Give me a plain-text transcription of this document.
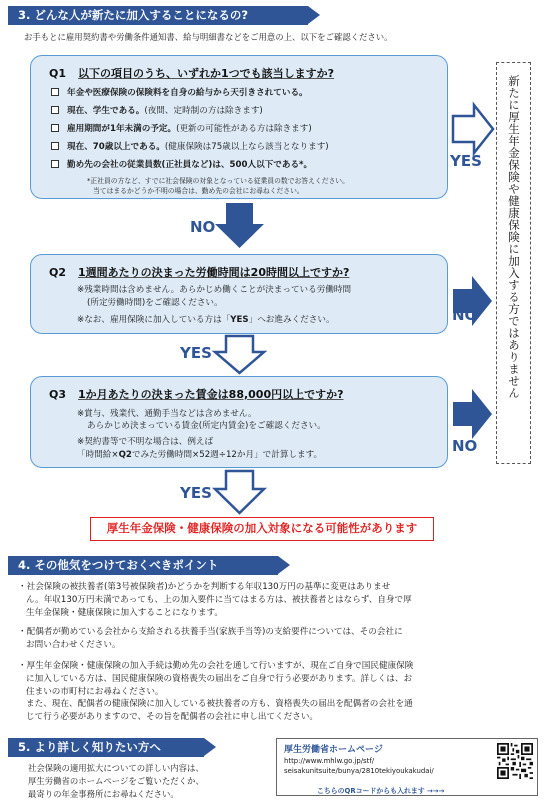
3. どんな人が新たに加入することになるの?
お手もとに雇用契約書や労働条件通知書、給与明細書などをご用意の上、以下をご確認ください。
Q1 以下の項目のうち、いずれか1つでも該当しますか?
年金や医療保険の保険料を自身の給与から天引きされている。
現在、学生である。(夜間、定時制の方は除きます)
雇用期間が1年未満の予定。(更新の可能性がある方は除きます)
現在、70歳以上である。(健康保険は75歳以上なら該当となります)
勤め先の会社の従業員数(正社員など)は、500人以下である*。
*正社員の方など、すでに社会保険の対象となっている従業員の数でお答えください。
当てはまるかどうか不明の場合は、勤め先の会社にお尋ねください。
Q2 1週間あたりの決まった労働時間は20時間以上ですか?
※残業時間は含めません。あらかじめ働くことが決まっている労働時間
(所定労働時間)をご確認ください。
※なお、雇用保険に加入している方は「YES」へお進みください。
Q3 1か月あたりの決まった賃金は88,000円以上ですか?
※賞与、残業代、通勤手当などは含めません。
あらかじめ決まっている賃金(所定内賃金)をご確認ください。
※契約書等で不明な場合は、例えば
「時間給×Q2でみた労働時間×52週÷12か月」で計算します。
YES
NO
NO
YES
NO
YES
新たに厚生年金保険や健康保険に加入する方ではありません
厚生年金保険・健康保険の加入対象になる可能性があります
4. その他気をつけておくべきポイント
・社会保険の被扶養者(第3号被保険者)かどうかを判断する年収130万円の基準に変更はありませ
ん。年収130万円未満であっても、上の加入要件に当てはまる方は、被扶養者とはならず、自身で厚
生年金保険・健康保険に加入することになります。
・配偶者が勤めている会社から支給される扶養手当(家族手当等)の支給要件については、その会社に
お問い合わせください。
・厚生年金保険・健康保険の加入手続は勤め先の会社を通して行いますが、現在ご自身で国民健康保険
に加入している方は、国民健康保険の資格喪失の届出をご自身で行う必要があります。詳しくは、お
住まいの市町村にお尋ねください。
また、現在、配偶者の健康保険に加入している被扶養者の方も、資格喪失の届出を配偶者の会社を通
じて行う必要がありますので、その旨を配偶者の会社に申し出てください。
5. より詳しく知りたい方へ
社会保険の適用拡大についての詳しい内容は、
厚生労働省のホームページをご覧いただくか、
最寄りの年金事務所にお尋ねください。
厚生労働省ホームページ
http://www.mhlw.go.jp/stf/
seisakunitsuite/bunya/2810tekiyoukakudai/
こちらのQRコードからも入れます →→→
